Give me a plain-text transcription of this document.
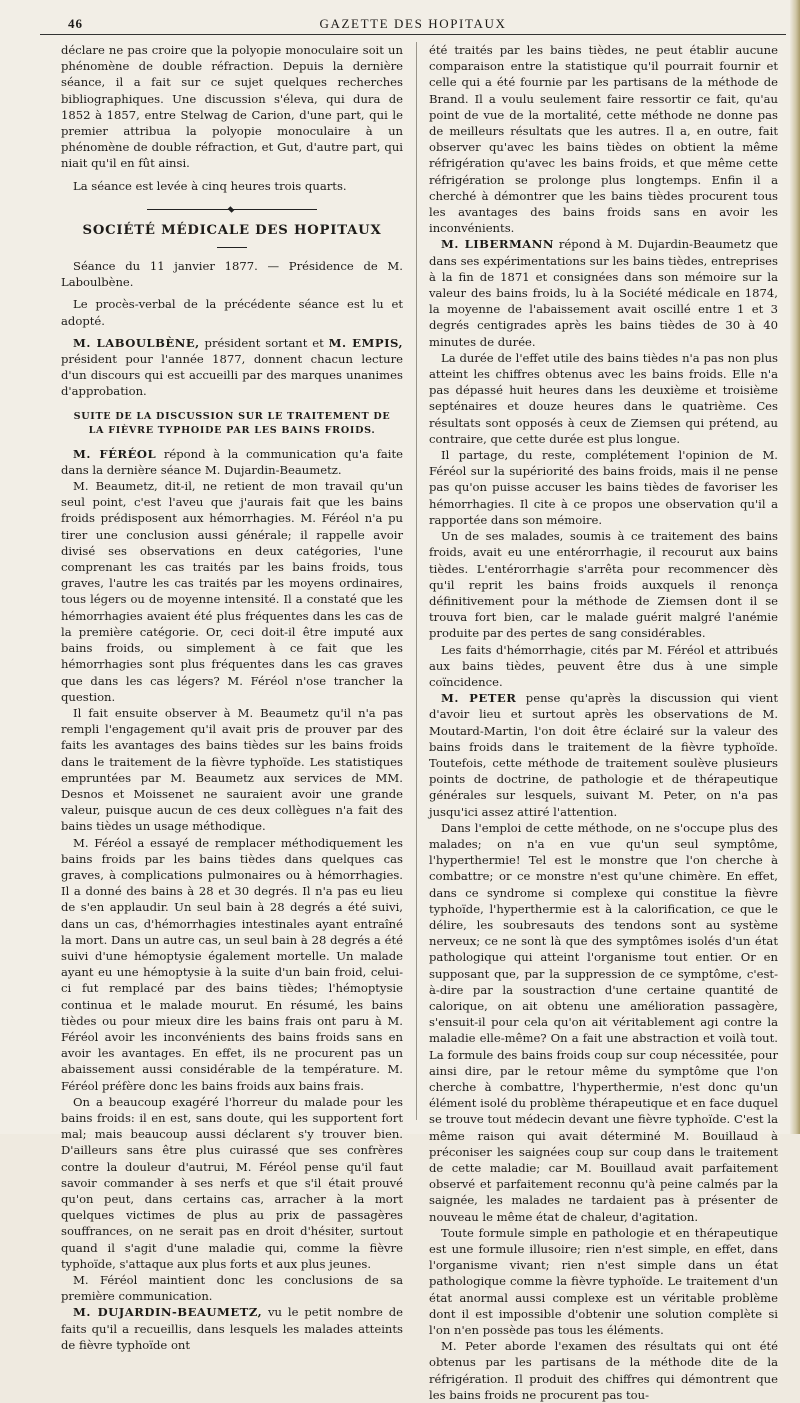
46	GAZETTE DES HOPITAUX

déclare ne pas croire que la polyopie monoculaire soit un phénomène de double réfraction. Depuis la dernière séance, il a fait sur ce sujet quelques recherches bibliographiques. Une discussion s'éleva, qui dura de 1852 à 1857, entre Stelwag de Carion, d'une part, qui le premier attribua la polyopie monoculaire à un phénomène de double réfraction, et Gut, d'autre part, qui niait qu'il en fût ainsi.

La séance est levée à cinq heures trois quarts.

SOCIÉTÉ MÉDICALE DES HOPITAUX

Séance du 11 janvier 1877. — Présidence de M. Laboulbène.

Le procès-verbal de la précédente séance est lu et adopté.

M. LABOULBÈNE, président sortant et M. EMPIS, président pour l'année 1877, donnent chacun lecture d'un discours qui est accueilli par des marques unanimes d'approbation.

SUITE DE LA DISCUSSION SUR LE TRAITEMENT DE LA FIÈVRE TYPHOIDE PAR LES BAINS FROIDS.

M. FÉRÉOL répond à la communication qu'a faite dans la dernière séance M. Dujardin-Beaumetz.

M. Beaumetz, dit-il, ne retient de mon travail qu'un seul point, c'est l'aveu que j'aurais fait que les bains froids prédisposent aux hémorrhagies. M. Féréol n'a pu tirer une conclusion aussi générale; il rappelle avoir divisé ses observations en deux catégories, l'une comprenant les cas traités par les bains froids, tous graves, l'autre les cas traités par les moyens ordinaires, tous légers ou de moyenne intensité. Il a constaté que les hémorrhagies avaient été plus fréquentes dans les cas de la première catégorie. Or, ceci doit-il être imputé aux bains froids, ou simplement à ce fait que les hémorrhagies sont plus fréquentes dans les cas graves que dans les cas légers? M. Féréol n'ose trancher la question.

Il fait ensuite observer à M. Beaumetz qu'il n'a pas rempli l'engagement qu'il avait pris de prouver par des faits les avantages des bains tièdes sur les bains froids dans le traitement de la fièvre typhoïde. Les statistiques empruntées par M. Beaumetz aux services de MM. Desnos et Moissenet ne sauraient avoir une grande valeur, puisque aucun de ces deux collègues n'a fait des bains tièdes un usage méthodique.

M. Féréol a essayé de remplacer méthodiquement les bains froids par les bains tièdes dans quelques cas graves, à complications pulmonaires ou à hémorrhagies. Il a donné des bains à 28 et 30 degrés. Il n'a pas eu lieu de s'en applaudir. Un seul bain à 28 degrés a été suivi, dans un cas, d'hémorrhagies intestinales ayant entraîné la mort. Dans un autre cas, un seul bain à 28 degrés a été suivi d'une hémoptysie également mortelle. Un malade ayant eu une hémoptysie à la suite d'un bain froid, celui-ci fut remplacé par des bains tièdes; l'hémoptysie continua et le malade mourut. En résumé, les bains tièdes ou pour mieux dire les bains frais ont paru à M. Féréol avoir les inconvénients des bains froids sans en avoir les avantages. En effet, ils ne procurent pas un abaissement aussi considérable de la température. M. Féréol préfère donc les bains froids aux bains frais.

On a beaucoup exagéré l'horreur du malade pour les bains froids: il en est, sans doute, qui les supportent fort mal; mais beaucoup aussi déclarent s'y trouver bien. D'ailleurs sans être plus cuirassé que ses confrères contre la douleur d'autrui, M. Féréol pense qu'il faut savoir commander à ses nerfs et que s'il était prouvé qu'on peut, dans certains cas, arracher à la mort quelques victimes de plus au prix de passagères souffrances, on ne serait pas en droit d'hésiter, surtout quand il s'agit d'une maladie qui, comme la fièvre typhoïde, s'attaque aux plus forts et aux plus jeunes.

M. Féréol maintient donc les conclusions de sa première communication.

M. DUJARDIN-BEAUMETZ, vu le petit nombre de faits qu'il a recueillis, dans lesquels les malades atteints de fièvre typhoïde ont

été traités par les bains tièdes, ne peut établir aucune comparaison entre la statistique qu'il pourrait fournir et celle qui a été fournie par les partisans de la méthode de Brand. Il a voulu seulement faire ressortir ce fait, qu'au point de vue de la mortalité, cette méthode ne donne pas de meilleurs résultats que les autres. Il a, en outre, fait observer qu'avec les bains tièdes on obtient la même réfrigération qu'avec les bains froids, et que même cette réfrigération se prolonge plus longtemps. Enfin il a cherché à démontrer que les bains tièdes procurent tous les avantages des bains froids sans en avoir les inconvénients.

M. LIBERMANN répond à M. Dujardin-Beaumetz que dans ses expérimentations sur les bains tièdes, entreprises à la fin de 1871 et consignées dans son mémoire sur la valeur des bains froids, lu à la Société médicale en 1874, la moyenne de l'abaissement avait oscillé entre 1 et 3 degrés centigrades après les bains tièdes de 30 à 40 minutes de durée.

La durée de l'effet utile des bains tièdes n'a pas non plus atteint les chiffres obtenus avec les bains froids. Elle n'a pas dépassé huit heures dans les deuxième et troisième septénaires et douze heures dans le quatrième. Ces résultats sont opposés à ceux de Ziemsen qui prétend, au contraire, que cette durée est plus longue.

Il partage, du reste, complétement l'opinion de M. Féréol sur la supériorité des bains froids, mais il ne pense pas qu'on puisse accuser les bains tièdes de favoriser les hémorrhagies. Il cite à ce propos une observation qu'il a rapportée dans son mémoire.

Un de ses malades, soumis à ce traitement des bains froids, avait eu une entérorrhagie, il recourut aux bains tièdes. L'entérorrhagie s'arrêta pour recommencer dès qu'il reprit les bains froids auxquels il renonça définitivement pour la méthode de Ziemsen dont il se trouva fort bien, car le malade guérit malgré l'anémie produite par des pertes de sang considérables.

Les faits d'hémorrhagie, cités par M. Féréol et attribués aux bains tièdes, peuvent être dus à une simple coïncidence.

M. PETER pense qu'après la discussion qui vient d'avoir lieu et surtout après les observations de M. Moutard-Martin, l'on doit être éclairé sur la valeur des bains froids dans le traitement de la fièvre typhoïde. Toutefois, cette méthode de traitement soulève plusieurs points de doctrine, de pathologie et de thérapeutique générales sur lesquels, suivant M. Peter, on n'a pas jusqu'ici assez attiré l'attention.

Dans l'emploi de cette méthode, on ne s'occupe plus des malades; on n'a en vue qu'un seul symptôme, l'hyperthermie! Tel est le monstre que l'on cherche à combattre; or ce monstre n'est qu'une chimère. En effet, dans ce syndrome si complexe qui constitue la fièvre typhoïde, l'hyperthermie est à la calorification, ce que le délire, les soubresauts des tendons sont au système nerveux; ce ne sont là que des symptômes isolés d'un état pathologique qui atteint l'organisme tout entier. Or en supposant que, par la suppression de ce symptôme, c'est-à-dire par la soustraction d'une certaine quantité de calorique, on ait obtenu une amélioration passagère, s'ensuit-il pour cela qu'on ait véritablement agi contre la maladie elle-même? On a fait une abstraction et voilà tout. La formule des bains froids coup sur coup nécessitée, pour ainsi dire, par le retour même du symptôme que l'on cherche à combattre, l'hyperthermie, n'est donc qu'un élément isolé du problème thérapeutique et en face duquel se trouve tout médecin devant une fièvre typhoïde. C'est la même raison qui avait déterminé M. Bouillaud à préconiser les saignées coup sur coup dans le traitement de cette maladie; car M. Bouillaud avait parfaitement observé et parfaitement reconnu qu'à peine calmés par la saignée, les malades ne tardaient pas à présenter de nouveau le même état de chaleur, d'agitation.

Toute formule simple en pathologie et en thérapeutique est une formule illusoire; rien n'est simple, en effet, dans l'organisme vivant; rien n'est simple dans un état pathologique comme la fièvre typhoïde. Le traitement d'un état anormal aussi complexe est un véritable problème dont il est impossible d'obtenir une solution complète si l'on n'en possède pas tous les éléments.

M. Peter aborde l'examen des résultats qui ont été obtenus par les partisans de la méthode dite de la réfrigération. Il produit des chiffres qui démontrent que les bains froids ne procurent pas tou-
